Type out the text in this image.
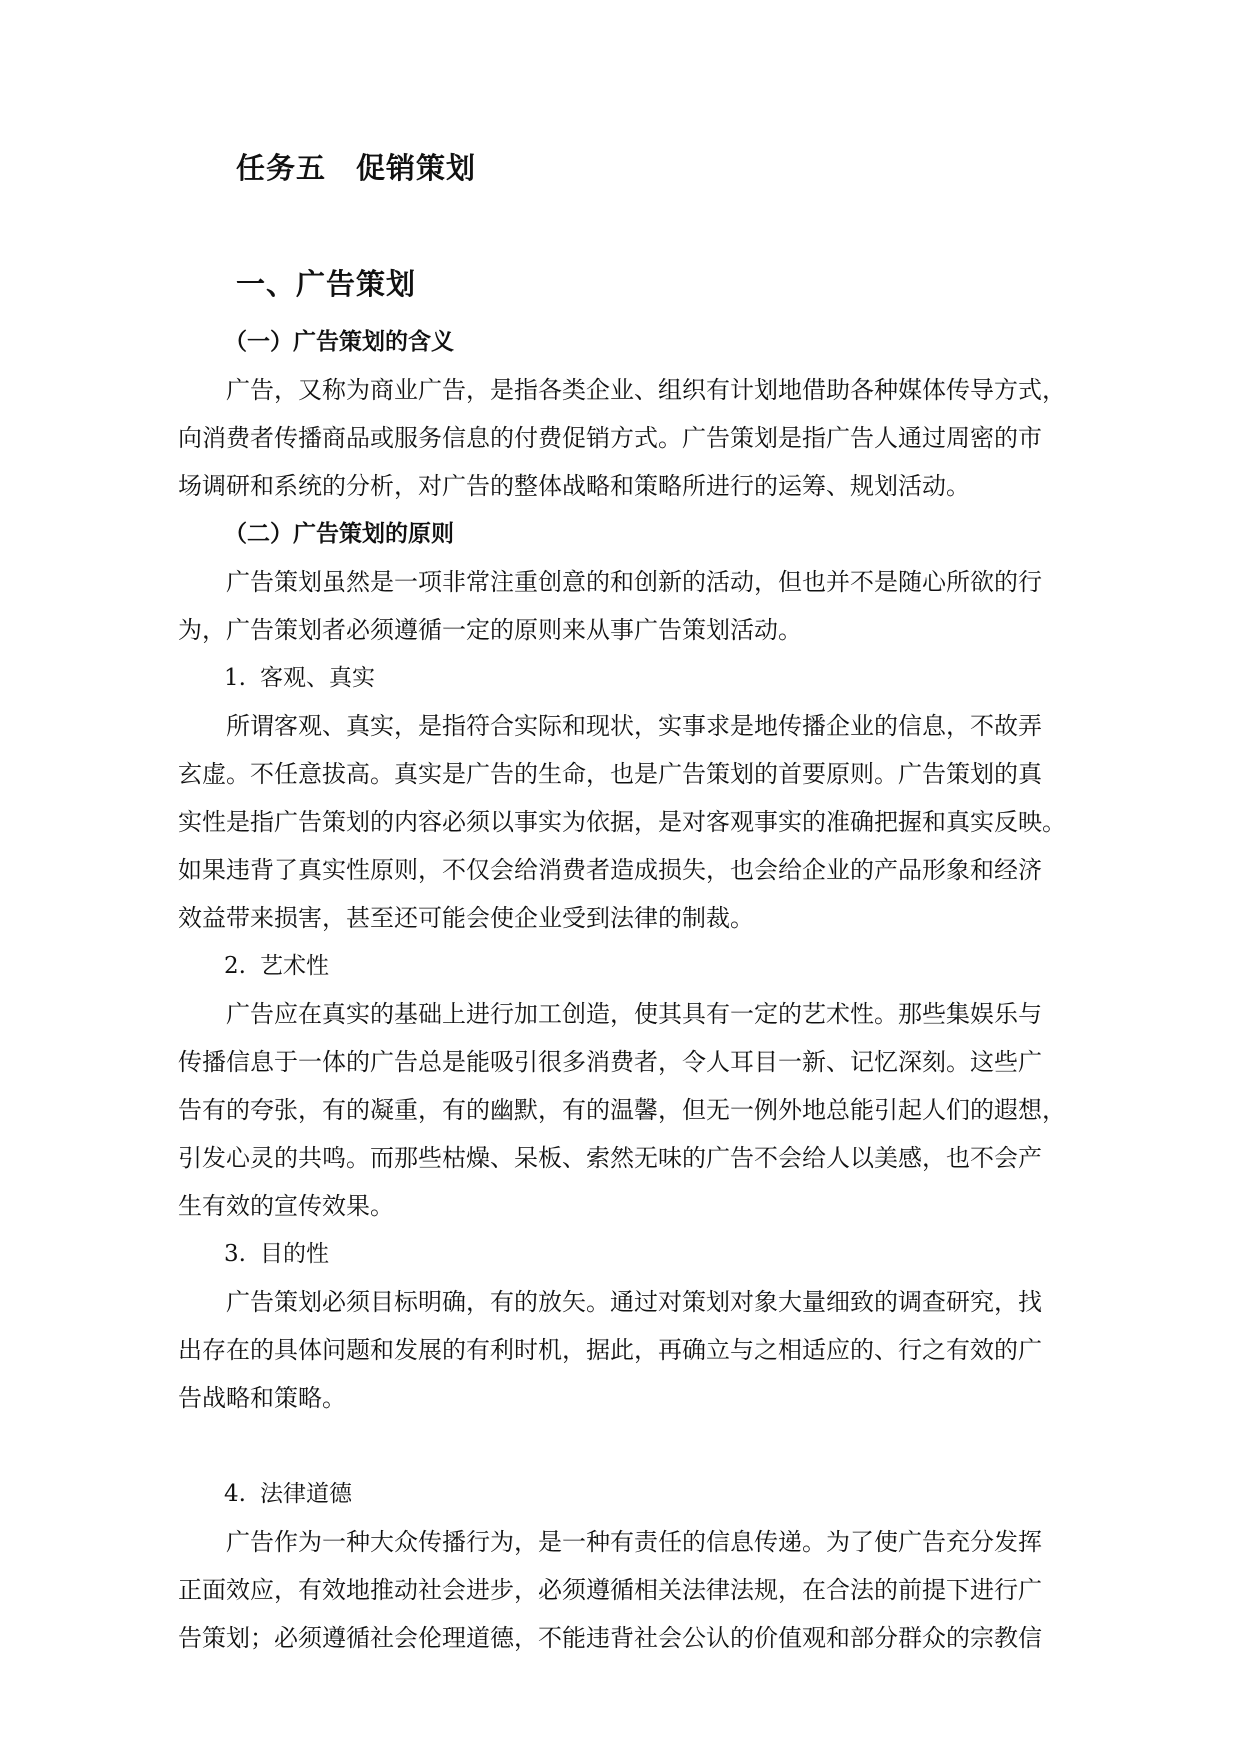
任务五　促销策划
一、广告策划
（一）广告策划的含义

广告，又称为商业广告，是指各类企业、组织有计划地借助各种媒体传导方式，
向消费者传播商品或服务信息的付费促销方式。广告策划是指广告人通过周密的市
场调研和系统的分析，对广告的整体战略和策略所进行的运筹、规划活动。

（二）广告策划的原则

广告策划虽然是一项非常注重创意的和创新的活动，但也并不是随心所欲的行
为，广告策划者必须遵循一定的原则来从事广告策划活动。

1. 客观、真实

所谓客观、真实，是指符合实际和现状，实事求是地传播企业的信息，不故弄
玄虚。不任意拔高。真实是广告的生命，也是广告策划的首要原则。广告策划的真
实性是指广告策划的内容必须以事实为依据，是对客观事实的准确把握和真实反映。
如果违背了真实性原则，不仅会给消费者造成损失，也会给企业的产品形象和经济
效益带来损害，甚至还可能会使企业受到法律的制裁。

2. 艺术性

广告应在真实的基础上进行加工创造，使其具有一定的艺术性。那些集娱乐与
传播信息于一体的广告总是能吸引很多消费者，令人耳目一新、记忆深刻。这些广
告有的夸张，有的凝重，有的幽默，有的温馨，但无一例外地总能引起人们的遐想，
引发心灵的共鸣。而那些枯燥、呆板、索然无味的广告不会给人以美感，也不会产
生有效的宣传效果。

3. 目的性

广告策划必须目标明确，有的放矢。通过对策划对象大量细致的调查研究，找
出存在的具体问题和发展的有利时机，据此，再确立与之相适应的、行之有效的广
告战略和策略。

4. 法律道德

广告作为一种大众传播行为，是一种有责任的信息传递。为了使广告充分发挥
正面效应，有效地推动社会进步，必须遵循相关法律法规，在合法的前提下进行广
告策划；必须遵循社会伦理道德，不能违背社会公认的价值观和部分群众的宗教信
